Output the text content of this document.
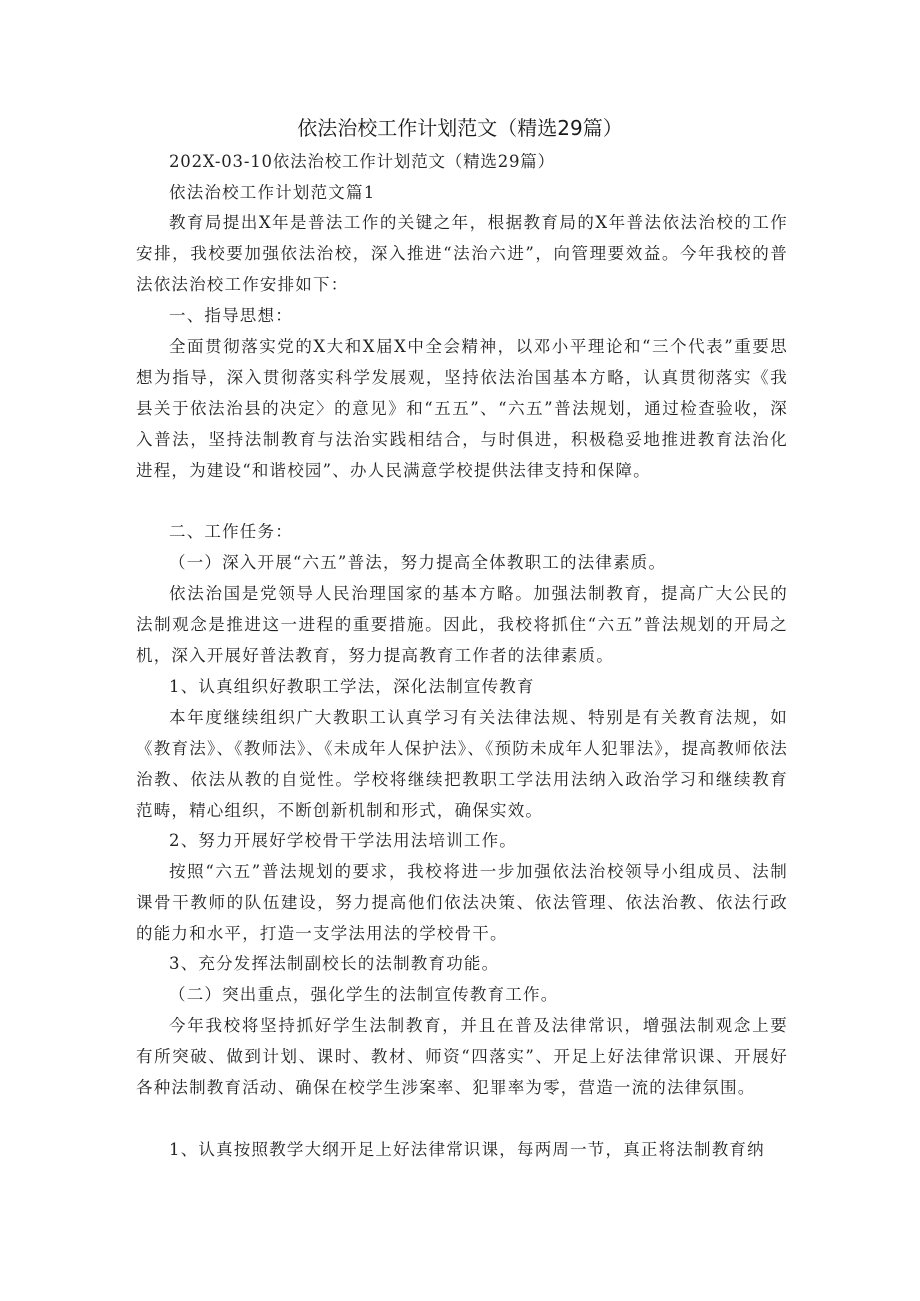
依法治校工作计划范文（精选29篇）

202X-03-10依法治校工作计划范文（精选29篇）

依法治校工作计划范文篇1

教育局提出X年是普法工作的关键之年，根据教育局的X年普法依法治校的工作安排，我校要加强依法治校，深入推进“法治六进”，向管理要效益。今年我校的普法依法治校工作安排如下：

一、指导思想：

全面贯彻落实党的X大和X届X中全会精神，以邓小平理论和“三个代表”重要思想为指导，深入贯彻落实科学发展观，坚持依法治国基本方略，认真贯彻落实《我县关于依法治县的决定〉的意见》和“五五”、“六五”普法规划，通过检查验收，深入普法，坚持法制教育与法治实践相结合，与时俱进，积极稳妥地推进教育法治化进程，为建设“和谐校园”、办人民满意学校提供法律支持和保障。

二、工作任务：

（一）深入开展“六五”普法，努力提高全体教职工的法律素质。

依法治国是党领导人民治理国家的基本方略。加强法制教育，提高广大公民的法制观念是推进这一进程的重要措施。因此，我校将抓住“六五”普法规划的开局之机，深入开展好普法教育，努力提高教育工作者的法律素质。

1、认真组织好教职工学法，深化法制宣传教育

本年度继续组织广大教职工认真学习有关法律法规、特别是有关教育法规，如《教育法》、《教师法》、《未成年人保护法》、《预防未成年人犯罪法》，提高教师依法治教、依法从教的自觉性。学校将继续把教职工学法用法纳入政治学习和继续教育范畴，精心组织，不断创新机制和形式，确保实效。

2、努力开展好学校骨干学法用法培训工作。

按照“六五”普法规划的要求，我校将进一步加强依法治校领导小组成员、法制课骨干教师的队伍建设，努力提高他们依法决策、依法管理、依法治教、依法行政的能力和水平，打造一支学法用法的学校骨干。

3、充分发挥法制副校长的法制教育功能。

（二）突出重点，强化学生的法制宣传教育工作。

今年我校将坚持抓好学生法制教育，并且在普及法律常识，增强法制观念上要有所突破、做到计划、课时、教材、师资“四落实”、开足上好法律常识课、开展好各种法制教育活动、确保在校学生涉案率、犯罪率为零，营造一流的法律氛围。

1、认真按照教学大纲开足上好法律常识课，每两周一节，真正将法制教育纳
